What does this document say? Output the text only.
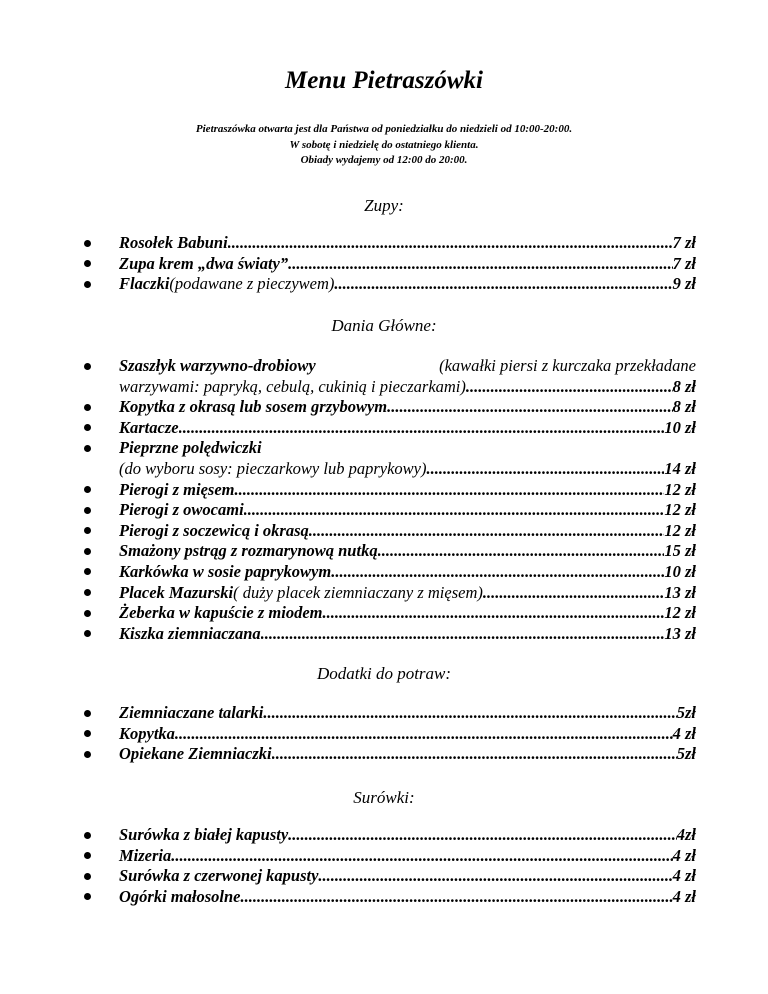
Menu Pietraszówki
Pietraszówka otwarta jest dla Państwa od poniedziałku do niedzieli od 10:00-20:00.
W sobotę i niedzielę do ostatniego klienta.
Obiady wydajemy od 12:00 do 20:00.
Zupy:
Rosołek Babuni .....	7 zł
Zupa krem „dwa światy” .....	7 zł
Flaczki (podawane z pieczywem) .....	9 zł
Dania Główne:
Szaszłyk warzywno-drobiowy	(kawałki piersi z kurczaka przekładane
warzywami: papryką, cebulą, cukinią i pieczarkami) .....	8 zł
Kopytka z okrasą lub sosem grzybowym .....	8 zł
Kartacze .....	10 zł
Pieprzne polędwiczki
(do wyboru sosy: pieczarkowy lub paprykowy) .....	14 zł
Pierogi z mięsem .....	12 zł
Pierogi z owocami .....	12 zł
Pierogi z soczewicą i okrasą .....	12 zł
Smażony pstrąg z rozmarynową nutką .....	15 zł
Karkówka w sosie paprykowym .....	10 zł
Placek Mazurski ( duży placek ziemniaczany z mięsem) .....	13 zł
Żeberka w kapuście z miodem .....	12 zł
Kiszka ziemniaczana .....	13 zł
Dodatki do potraw:
Ziemniaczane talarki .....	5zł
Kopytka .....	4 zł
Opiekane Ziemniaczki .....	5zł
Surówki:
Surówka z białej kapusty .....	4zł
Mizeria .....	4 zł
Surówka z czerwonej kapusty .....	4 zł
Ogórki małosolne .....	4 zł
